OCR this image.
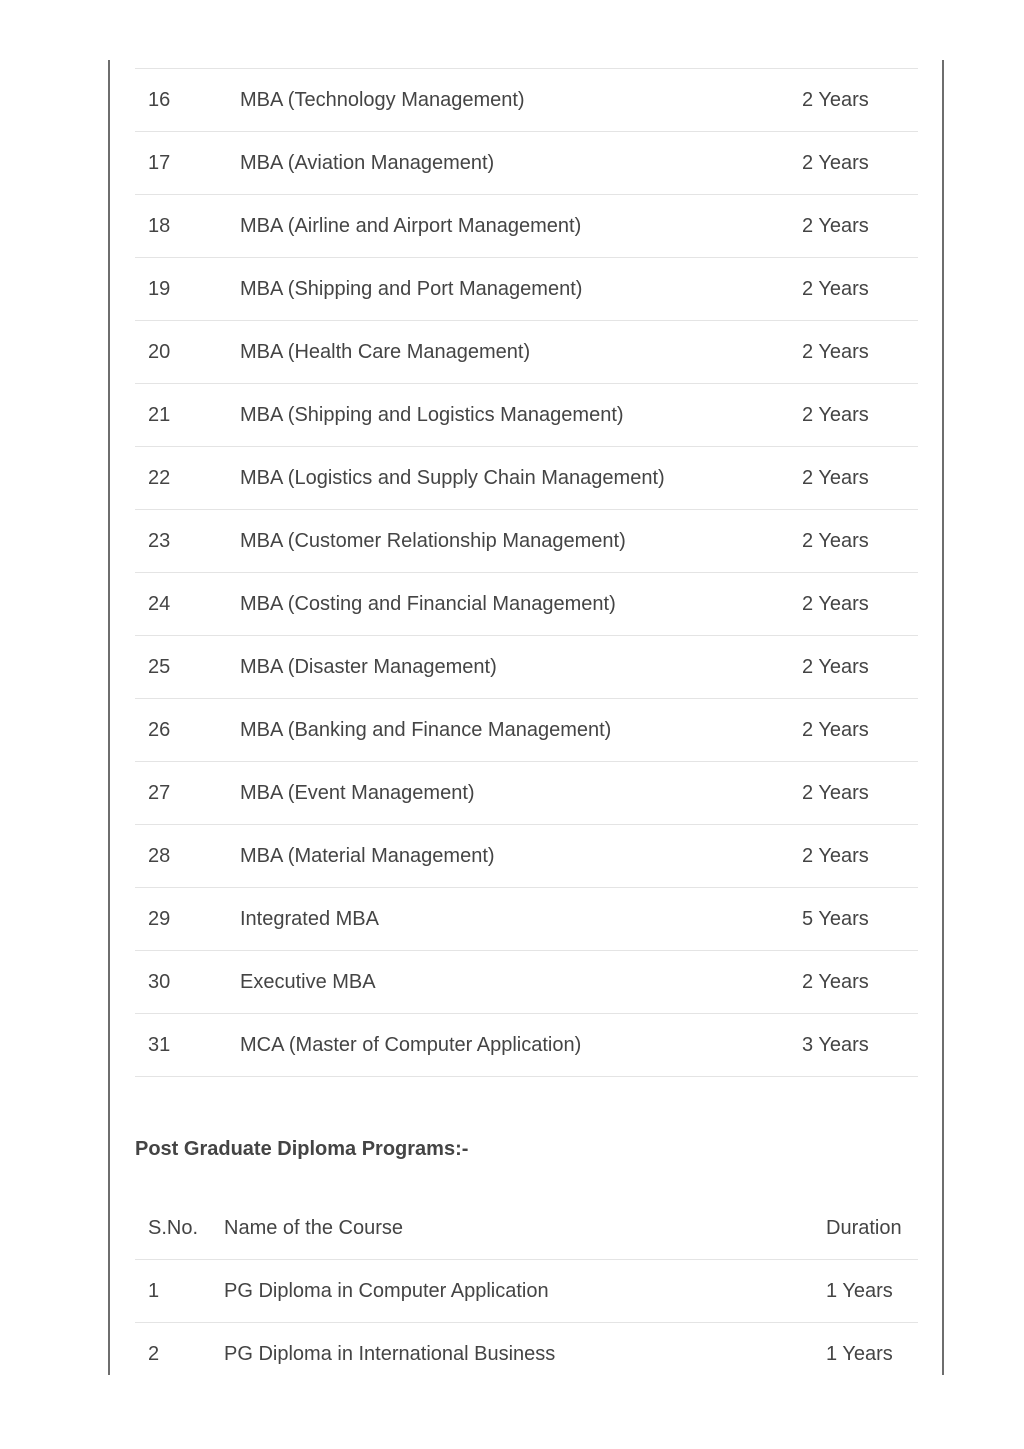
16	MBA (Technology Management)	2 Years
17	MBA (Aviation Management)	2 Years
18	MBA (Airline and Airport Management)	2 Years
19	MBA (Shipping and Port Management)	2 Years
20	MBA (Health Care Management)	2 Years
21	MBA (Shipping and Logistics Management)	2 Years
22	MBA (Logistics and Supply Chain Management)	2 Years
23	MBA (Customer Relationship Management)	2 Years
24	MBA (Costing and Financial Management)	2 Years
25	MBA (Disaster Management)	2 Years
26	MBA (Banking and Finance Management)	2 Years
27	MBA (Event Management)	2 Years
28	MBA (Material Management)	2 Years
29	Integrated MBA	5 Years
30	Executive MBA	2 Years
31	MCA (Master of Computer Application)	3 Years
Post Graduate Diploma Programs:-
S.No. Name of the Course	Duration
1	PG Diploma in Computer Application	1 Years
2	PG Diploma in International Business	1 Years
